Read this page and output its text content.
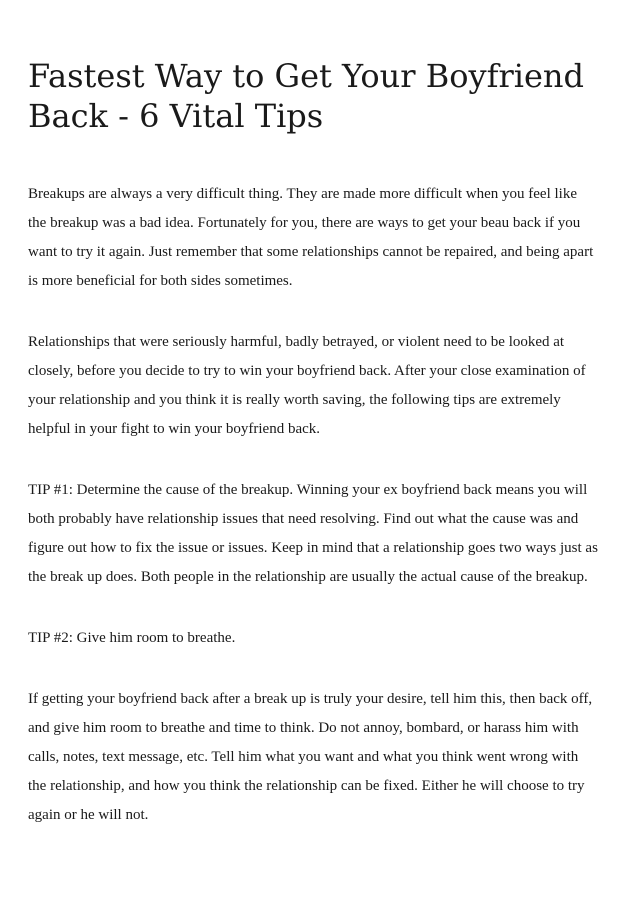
Fastest Way to Get Your Boyfriend Back - 6 Vital Tips

Breakups are always a very difficult thing. They are made more difficult when you feel like the breakup was a bad idea. Fortunately for you, there are ways to get your beau back if you want to try it again. Just remember that some relationships cannot be repaired, and being apart is more beneficial for both sides sometimes.

Relationships that were seriously harmful, badly betrayed, or violent need to be looked at closely, before you decide to try to win your boyfriend back. After your close examination of your relationship and you think it is really worth saving, the following tips are extremely helpful in your fight to win your boyfriend back.

TIP #1: Determine the cause of the breakup. Winning your ex boyfriend back means you will both probably have relationship issues that need resolving. Find out what the cause was and figure out how to fix the issue or issues. Keep in mind that a relationship goes two ways just as the break up does. Both people in the relationship are usually the actual cause of the breakup.

TIP #2: Give him room to breathe.

If getting your boyfriend back after a break up is truly your desire, tell him this, then back off, and give him room to breathe and time to think. Do not annoy, bombard, or harass him with calls, notes, text message, etc. Tell him what you want and what you think went wrong with the relationship, and how you think the relationship can be fixed. Either he will choose to try again or he will not.
